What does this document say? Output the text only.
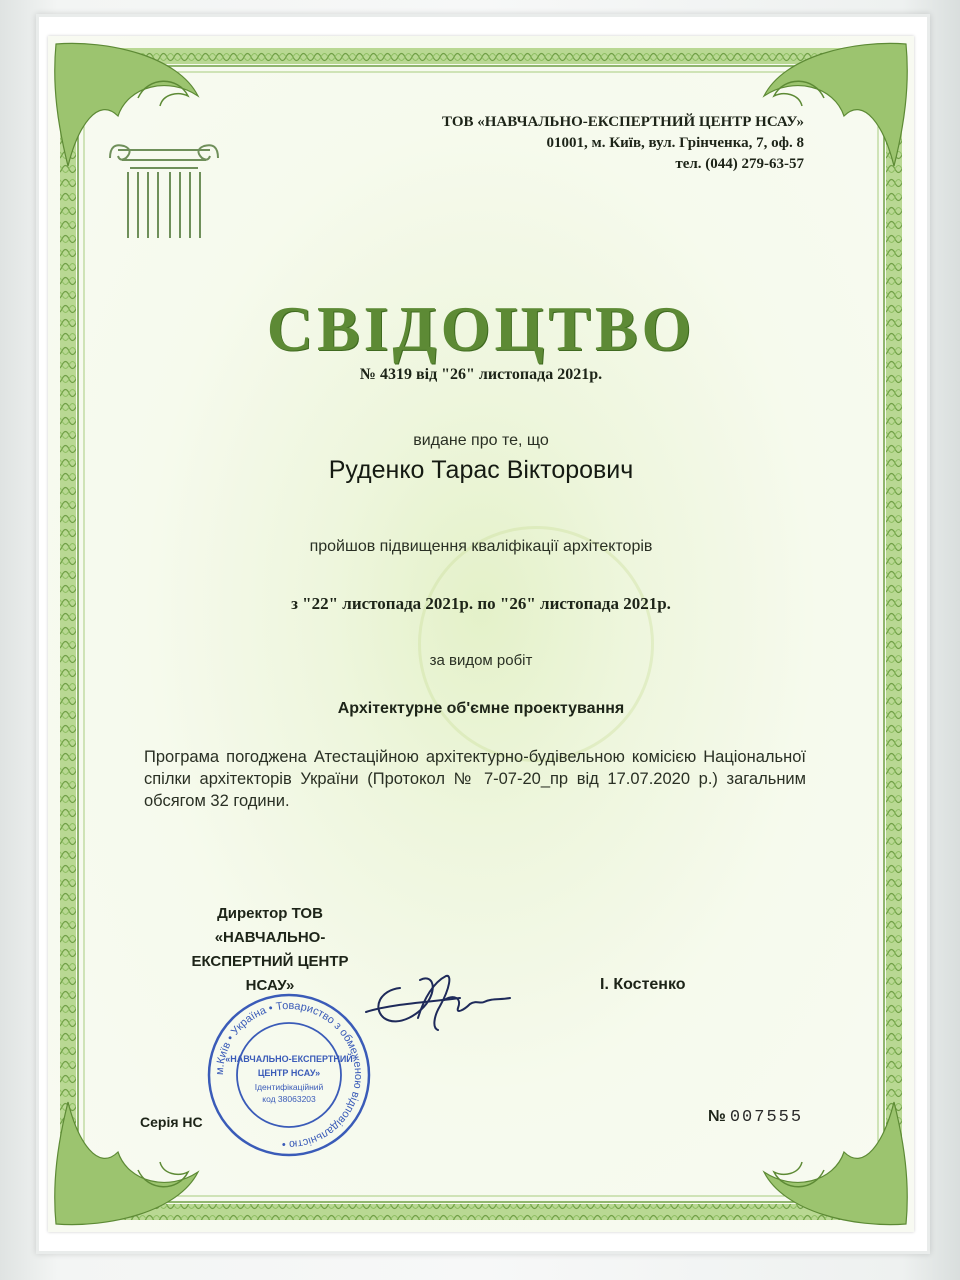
ТОВ «НАВЧАЛЬНО-ЕКСПЕРТНИЙ ЦЕНТР НСАУ»
01001, м. Київ, вул. Грінченка, 7, оф. 8
тел. (044) 279-63-57
СВІДОЦТВО
№ 4319 від "26" листопада 2021р.
видане про те, що
Руденко Тарас Вікторович
пройшов підвищення кваліфікації архітекторів
з "22" листопада 2021р. по "26" листопада 2021р.
за видом робіт
Архітектурне об'ємне проектування
Програма погоджена Атестаційною архітектурно-будівельною комісією Національної спілки архітекторів України (Протокол № 7-07-20_пр від 17.07.2020 р.) загальним обсягом 32 години.
Директор ТОВ
«НАВЧАЛЬНО-
ЕКСПЕРТНИЙ ЦЕНТР
НСАУ»	І. Костенко
м.Київ • Україна • Товариство з обмеженою відповідальністю •
«НАВЧАЛЬНО-ЕКСПЕРТНИЙ
ЦЕНТР НСАУ»
Ідентифікаційний
код 38063203
Серія НС	№ 007555
